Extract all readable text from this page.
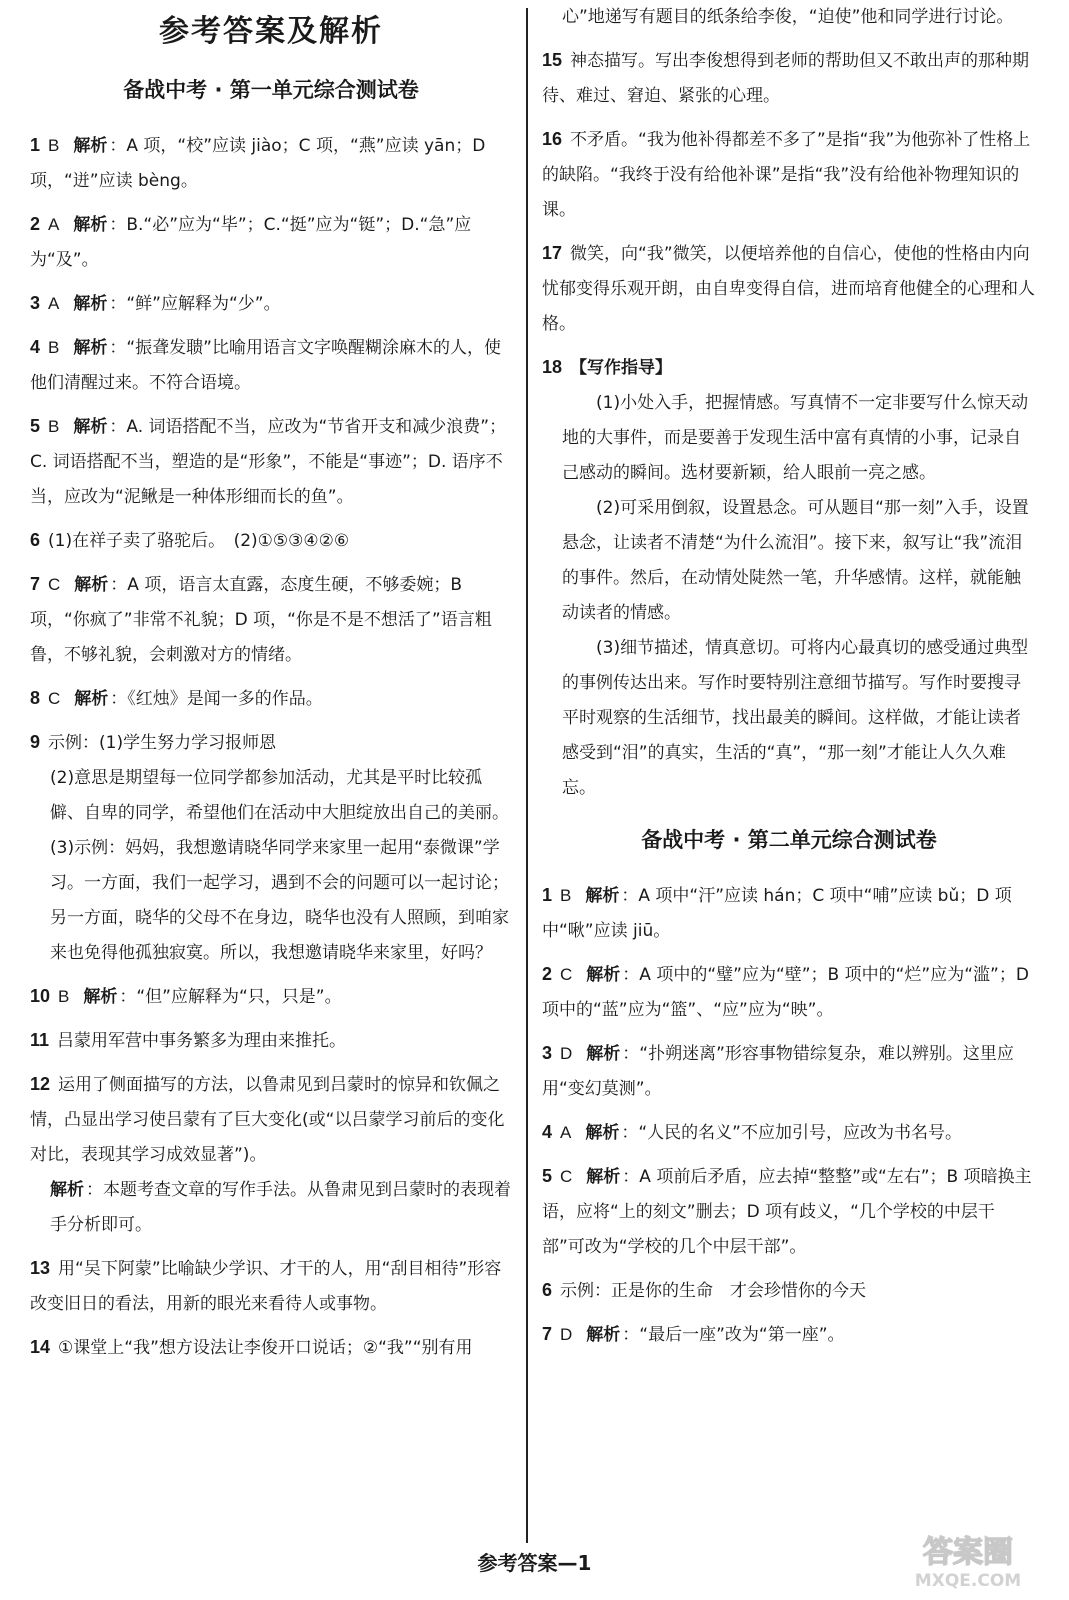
参考答案及解析
备战中考 · 第一单元综合测试卷

1 B 解析 ：A 项，“校”应读 jiào；C 项，“燕”应读 yān；D 项，“迸”应读 bèng。

2 A 解析 ：B.“必”应为“毕”；C.“挺”应为“铤”；D.“急”应为“及”。

3 A 解析 ：“鲜”应解释为“少”。

4 B 解析 ：“振聋发聩”比喻用语言文字唤醒糊涂麻木的人，使他们清醒过来。不符合语境。

5 B 解析 ：A. 词语搭配不当，应改为“节省开支和减少浪费”；C. 词语搭配不当，塑造的是“形象”，不能是“事迹”；D. 语序不当，应改为“泥鳅是一种体形细而长的鱼”。

6 (1)在祥子卖了骆驼后。　(2)①⑤③④②⑥

7 C 解析 ：A 项，语言太直露，态度生硬，不够委婉；B 项，“你疯了”非常不礼貌；D 项，“你是不是不想活了”语言粗鲁，不够礼貌，会刺激对方的情绪。

8 C 解析 ：《红烛》是闻一多的作品。

9 示例：(1)学生努力学习报师恩

(2)意思是期望每一位同学都参加活动，尤其是平时比较孤僻、自卑的同学，希望他们在活动中大胆绽放出自己的美丽。

(3)示例：妈妈，我想邀请晓华同学来家里一起用“泰微课”学习。一方面，我们一起学习，遇到不会的问题可以一起讨论；另一方面，晓华的父母不在身边，晓华也没有人照顾，到咱家来也免得他孤独寂寞。所以，我想邀请晓华来家里，好吗？

10 B 解析 ：“但”应解释为“只，只是”。

11 吕蒙用军营中事务繁多为理由来推托。

12 运用了侧面描写的方法，以鲁肃见到吕蒙时的惊异和钦佩之情，凸显出学习使吕蒙有了巨大变化(或“以吕蒙学习前后的变化对比，表现其学习成效显著”)。

解析 ：本题考查文章的写作手法。从鲁肃见到吕蒙时的表现着手分析即可。

13 用“吴下阿蒙”比喻缺少学识、才干的人，用“刮目相待”形容改变旧日的看法，用新的眼光来看待人或事物。

14 ①课堂上“我”想方设法让李俊开口说话；②“我”“别有用

心”地递写有题目的纸条给李俊，“迫使”他和同学进行讨论。

15 神态描写。写出李俊想得到老师的帮助但又不敢出声的那种期待、难过、窘迫、紧张的心理。

16 不矛盾。“我为他补得都差不多了”是指“我”为他弥补了性格上的缺陷。“我终于没有给他补课”是指“我”没有给他补物理知识的课。

17 微笑，向“我”微笑，以便培养他的自信心，使他的性格由内向忧郁变得乐观开朗，由自卑变得自信，进而培育他健全的心理和人格。

18 【写作指导】

(1)小处入手，把握情感。写真情不一定非要写什么惊天动地的大事件，而是要善于发现生活中富有真情的小事，记录自己感动的瞬间。选材要新颖，给人眼前一亮之感。

(2)可采用倒叙，设置悬念。可从题目“那一刻”入手，设置悬念，让读者不清楚“为什么流泪”。接下来，叙写让“我”流泪的事件。然后，在动情处陡然一笔，升华感情。这样，就能触动读者的情感。

(3)细节描述，情真意切。可将内心最真切的感受通过典型的事例传达出来。写作时要特别注意细节描写。写作时要搜寻平时观察的生活细节，找出最美的瞬间。这样做，才能让读者感受到“泪”的真实，生活的“真”，“那一刻”才能让人久久难忘。

备战中考 · 第二单元综合测试卷

1 B 解析 ：A 项中“汗”应读 hán；C 项中“哺”应读 bǔ；D 项中“啾”应读 jiū。

2 C 解析 ：A 项中的“璧”应为“壁”；B 项中的“烂”应为“滥”；D 项中的“蓝”应为“篮”、“应”应为“映”。

3 D 解析 ：“扑朔迷离”形容事物错综复杂，难以辨别。这里应用“变幻莫测”。

4 A 解析 ：“人民的名义”不应加引号，应改为书名号。

5 C 解析 ：A 项前后矛盾，应去掉“整整”或“左右”；B 项暗换主语，应将“上的刻文”删去；D 项有歧义，“几个学校的中层干部”可改为“学校的几个中层干部”。

6 示例：正是你的生命　才会珍惜你的今天

7 D 解析 ：“最后一座”改为“第一座”。

参考答案—1	答案圈
MXQE.COM
